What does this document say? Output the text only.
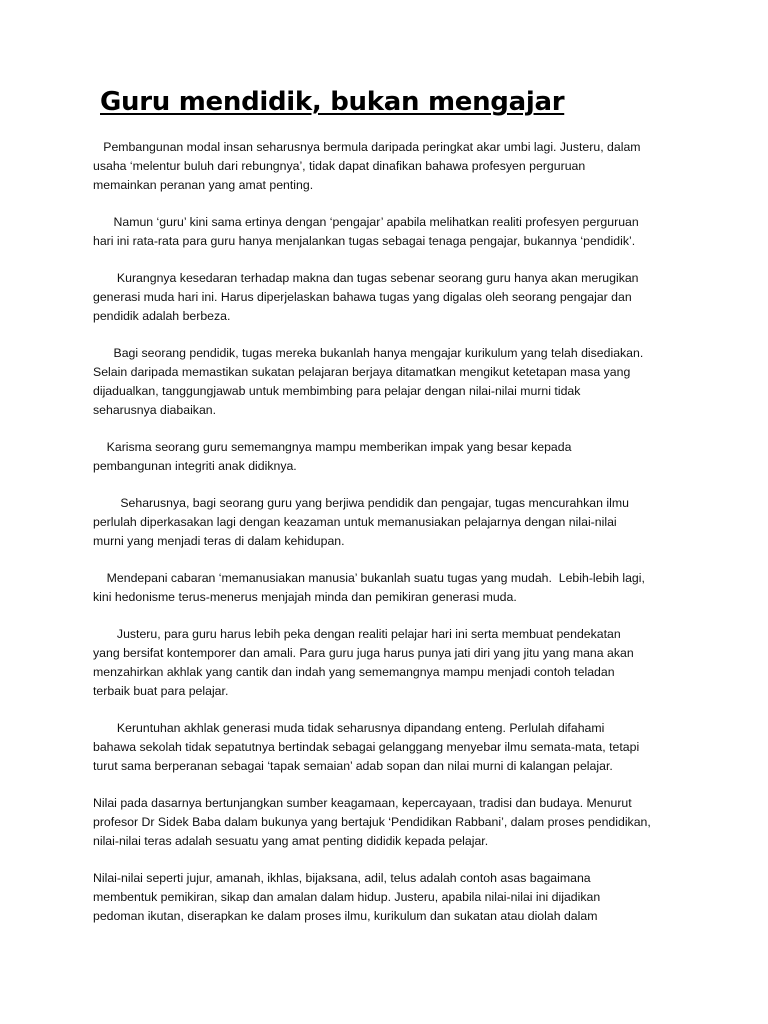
Guru mendidik, bukan mengajar
Pembangunan modal insan seharusnya bermula daripada peringkat akar umbi lagi. Justeru, dalam
usaha ‘melentur buluh dari rebungnya’, tidak dapat dinafikan bahawa profesyen perguruan
memainkan peranan yang amat penting.
Namun ‘guru’ kini sama ertinya dengan ‘pengajar’ apabila melihatkan realiti profesyen perguruan
hari ini rata-rata para guru hanya menjalankan tugas sebagai tenaga pengajar, bukannya ‘pendidik’.
Kurangnya kesedaran terhadap makna dan tugas sebenar seorang guru hanya akan merugikan
generasi muda hari ini. Harus diperjelaskan bahawa tugas yang digalas oleh seorang pengajar dan
pendidik adalah berbeza.
Bagi seorang pendidik, tugas mereka bukanlah hanya mengajar kurikulum yang telah disediakan.
Selain daripada memastikan sukatan pelajaran berjaya ditamatkan mengikut ketetapan masa yang
dijadualkan, tanggungjawab untuk membimbing para pelajar dengan nilai-nilai murni tidak
seharusnya diabaikan.
Karisma seorang guru sememangnya mampu memberikan impak yang besar kepada
pembangunan integriti anak didiknya.
Seharusnya, bagi seorang guru yang berjiwa pendidik dan pengajar, tugas mencurahkan ilmu
perlulah diperkasakan lagi dengan keazaman untuk memanusiakan pelajarnya dengan nilai-nilai
murni yang menjadi teras di dalam kehidupan.
Mendepani cabaran ‘memanusiakan manusia’ bukanlah suatu tugas yang mudah.  Lebih-lebih lagi,
kini hedonisme terus-menerus menjajah minda dan pemikiran generasi muda.
Justeru, para guru harus lebih peka dengan realiti pelajar hari ini serta membuat pendekatan
yang bersifat kontemporer dan amali. Para guru juga harus punya jati diri yang jitu yang mana akan
menzahirkan akhlak yang cantik dan indah yang sememangnya mampu menjadi contoh teladan
terbaik buat para pelajar.
Keruntuhan akhlak generasi muda tidak seharusnya dipandang enteng. Perlulah difahami
bahawa sekolah tidak sepatutnya bertindak sebagai gelanggang menyebar ilmu semata-mata, tetapi
turut sama berperanan sebagai ‘tapak semaian’ adab sopan dan nilai murni di kalangan pelajar.
Nilai pada dasarnya bertunjangkan sumber keagamaan, kepercayaan, tradisi dan budaya. Menurut
profesor Dr Sidek Baba dalam bukunya yang bertajuk ‘Pendidikan Rabbani’, dalam proses pendidikan,
nilai-nilai teras adalah sesuatu yang amat penting dididik kepada pelajar.
Nilai-nilai seperti jujur, amanah, ikhlas, bijaksana, adil, telus adalah contoh asas bagaimana
membentuk pemikiran, sikap dan amalan dalam hidup. Justeru, apabila nilai-nilai ini dijadikan
pedoman ikutan, diserapkan ke dalam proses ilmu, kurikulum dan sukatan atau diolah dalam
